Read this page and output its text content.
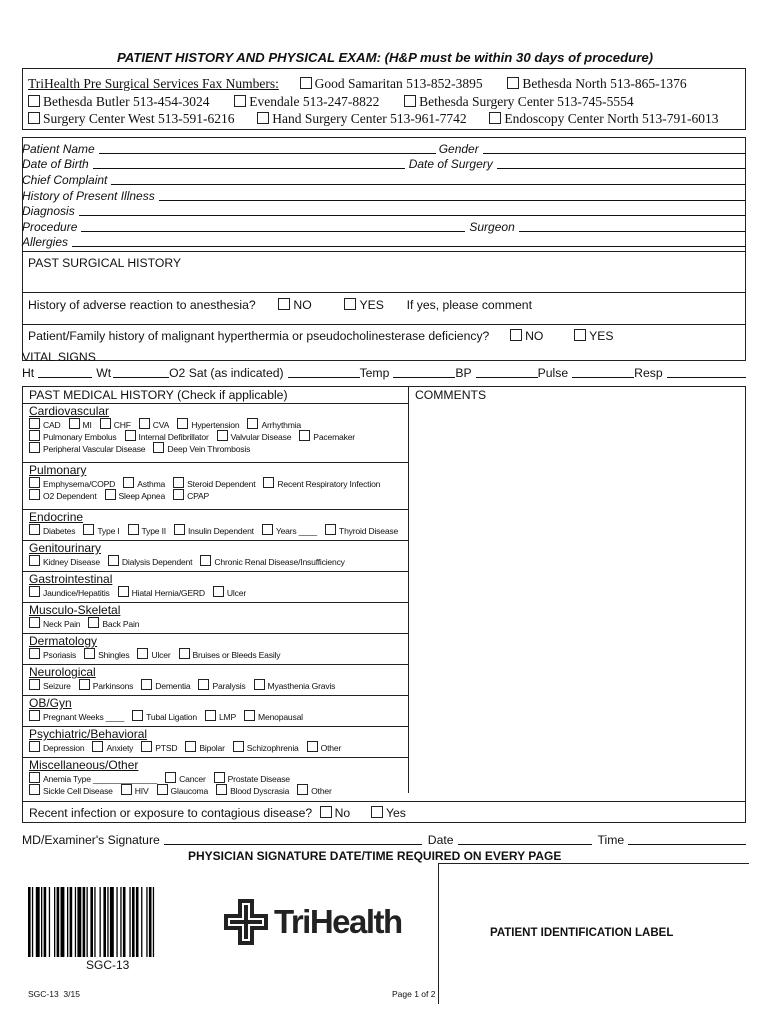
PATIENT HISTORY AND PHYSICAL EXAM: (H&P must be within 30 days of procedure)
TriHealth Pre Surgical Services Fax Numbers:	Good Samaritan 513-852-3895	Bethesda North 513-865-1376
Bethesda Butler 513-454-3024	Evendale 513-247-8822	Bethesda Surgery Center 513-745-5554
Surgery Center West 513-591-6216	Hand Surgery Center 513-961-7742	Endoscopy Center North 513-791-6013
Patient Name	Gender
Date of Birth	Date of Surgery
Chief Complaint
History of Present Illness
Diagnosis
Procedure	Surgeon
Allergies
PAST SURGICAL HISTORY
History of adverse reaction to anesthesia?	NO	YES If yes, please comment
Patient/Family history of malignant hyperthermia or pseudocholinesterase deficiency?	NO	YES
VITAL SIGNS
Ht	Wt	O2 Sat (as indicated)	Temp	BP	Pulse	Resp
PAST MEDICAL HISTORY (Check if applicable)	COMMENTS
Cardiovascular
CAD	MI	CHF	CVA	Hypertension	Arrhythmia
Pulmonary Embolus	Internal Defibrillator	Valvular Disease	Pacemaker
Peripheral Vascular Disease	Deep Vein Thrombosis
Pulmonary
Emphysema/COPD	Asthma	Steroid Dependent	Recent Respiratory Infection
O2 Dependent	Sleep Apnea	CPAP
Endocrine
Diabetes	Type I	Type II	Insulin Dependent	Years ____	Thyroid Disease
Genitourinary
Kidney Disease	Dialysis Dependent	Chronic Renal Disease/Insufficiency
Gastrointestinal
Jaundice/Hepatitis	Hiatal Hernia/GERD	Ulcer
Musculo-Skeletal
Neck Pain	Back Pain
Dermatology
Psoriasis	Shingles	Ulcer	Bruises or Bleeds Easily
Neurological
Seizure	Parkinsons	Dementia	Paralysis	Myasthenia Gravis
OB/Gyn
Pregnant Weeks ____	Tubal Ligation	LMP	Menopausal
Psychiatric/Behavioral
Depression	Anxiety	PTSD	Bipolar	Schizophrenia	Other
Miscellaneous/Other
Anemia Type ______________	Cancer	Prostate Disease
Sickle Cell Disease	HIV	Glaucoma	Blood Dyscrasia	Other
Recent infection or exposure to contagious disease? No	Yes
MD/Examiner's Signature	Date	Time
PHYSICIAN SIGNATURE DATE/TIME REQUIRED ON EVERY PAGE
PATIENT IDENTIFICATION LABEL
SGC-13
TriHealth
SGC-13  3/15	Page 1 of 2
